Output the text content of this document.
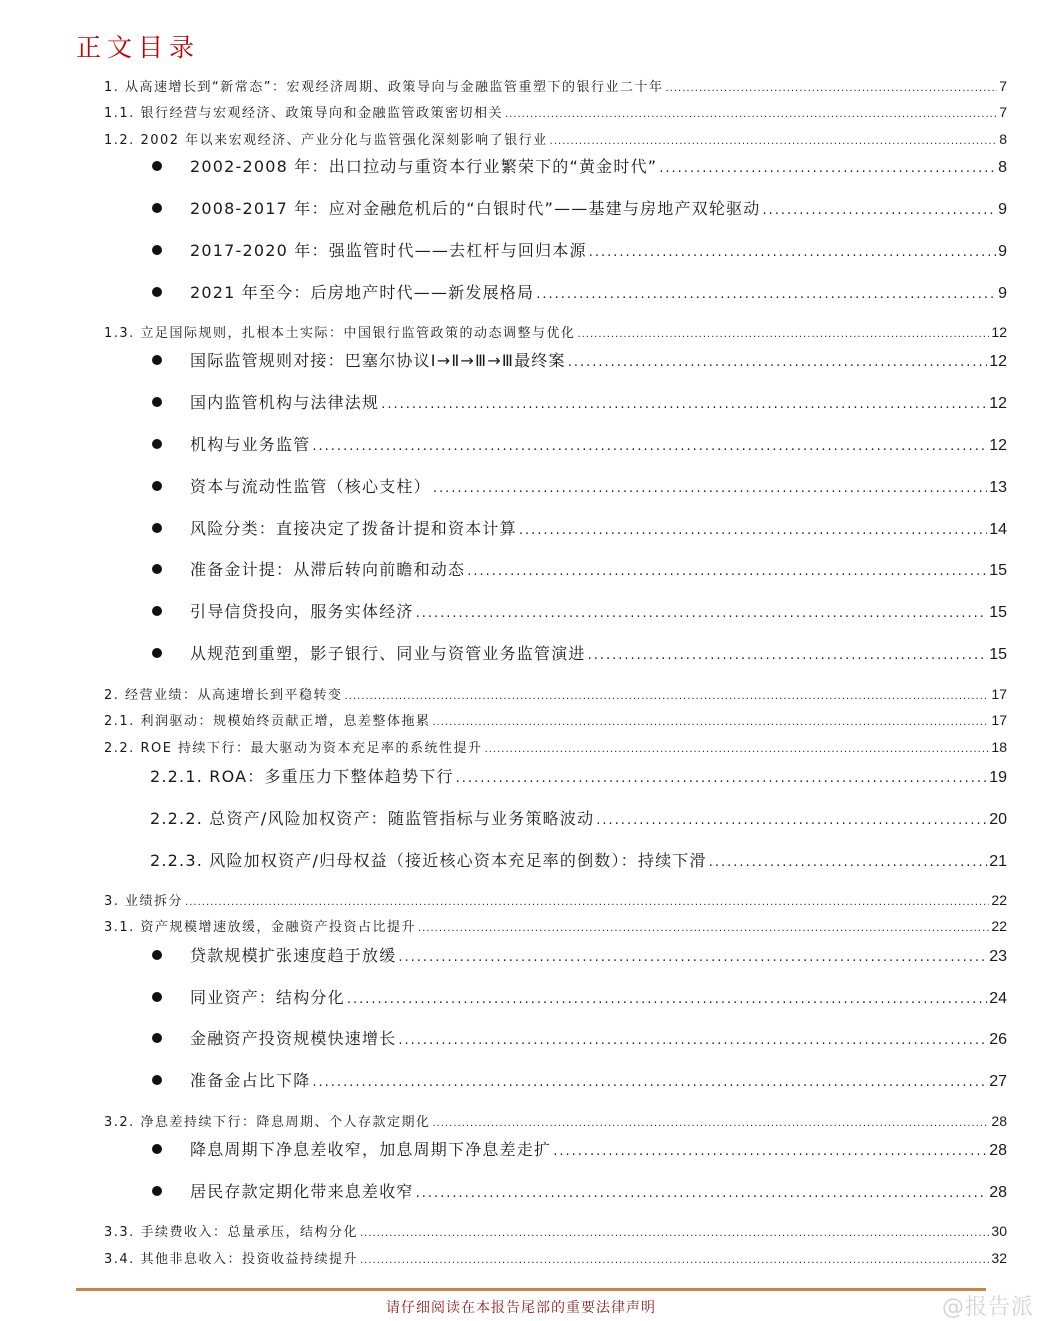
正文目录
1. 从高速增长到“新常态”：宏观经济周期、政策导向与金融监管重塑下的银行业二十年 .....	7
1.1. 银行经营与宏观经济、政策导向和金融监管政策密切相关 .....	7
1.2. 2002 年以来宏观经济、产业分化与监管强化深刻影响了银行业 .....	8
2002-2008 年：出口拉动与重资本行业繁荣下的“黄金时代” .....	8
2008-2017 年：应对金融危机后的“白银时代”——基建与房地产双轮驱动 .....	9
2017-2020 年：强监管时代——去杠杆与回归本源 .....	9
2021 年至今：后房地产时代——新发展格局 .....	9
1.3. 立足国际规则，扎根本土实际：中国银行监管政策的动态调整与优化 .....	12
国际监管规则对接：巴塞尔协议Ⅰ→Ⅱ→Ⅲ→Ⅲ最终案 .....	12
国内监管机构与法律法规 .....	12
机构与业务监管 .....	12
资本与流动性监管（核心支柱） .....	13
风险分类：直接决定了拨备计提和资本计算 .....	14
准备金计提：从滞后转向前瞻和动态 .....	15
引导信贷投向，服务实体经济 .....	15
从规范到重塑，影子银行、同业与资管业务监管演进 .....	15
2. 经营业绩：从高速增长到平稳转变 .....	17
2.1. 利润驱动：规模始终贡献正增，息差整体拖累 .....	17
2.2. ROE 持续下行：最大驱动为资本充足率的系统性提升 .....	18
2.2.1. ROA：多重压力下整体趋势下行 .....	19
2.2.2. 总资产/风险加权资产：随监管指标与业务策略波动 .....	20
2.2.3. 风险加权资产/归母权益（接近核心资本充足率的倒数）：持续下滑 .....	21
3. 业绩拆分 .....	22
3.1. 资产规模增速放缓，金融资产投资占比提升 .....	22
贷款规模扩张速度趋于放缓 .....	23
同业资产：结构分化 .....	24
金融资产投资规模快速增长 .....	26
准备金占比下降 .....	27
3.2. 净息差持续下行：降息周期、个人存款定期化 .....	28
降息周期下净息差收窄，加息周期下净息差走扩 .....	28
居民存款定期化带来息差收窄 .....	28
3.3. 手续费收入：总量承压，结构分化 .....	30
3.4. 其他非息收入：投资收益持续提升 .....	32
请仔细阅读在本报告尾部的重要法律声明	@报告派
